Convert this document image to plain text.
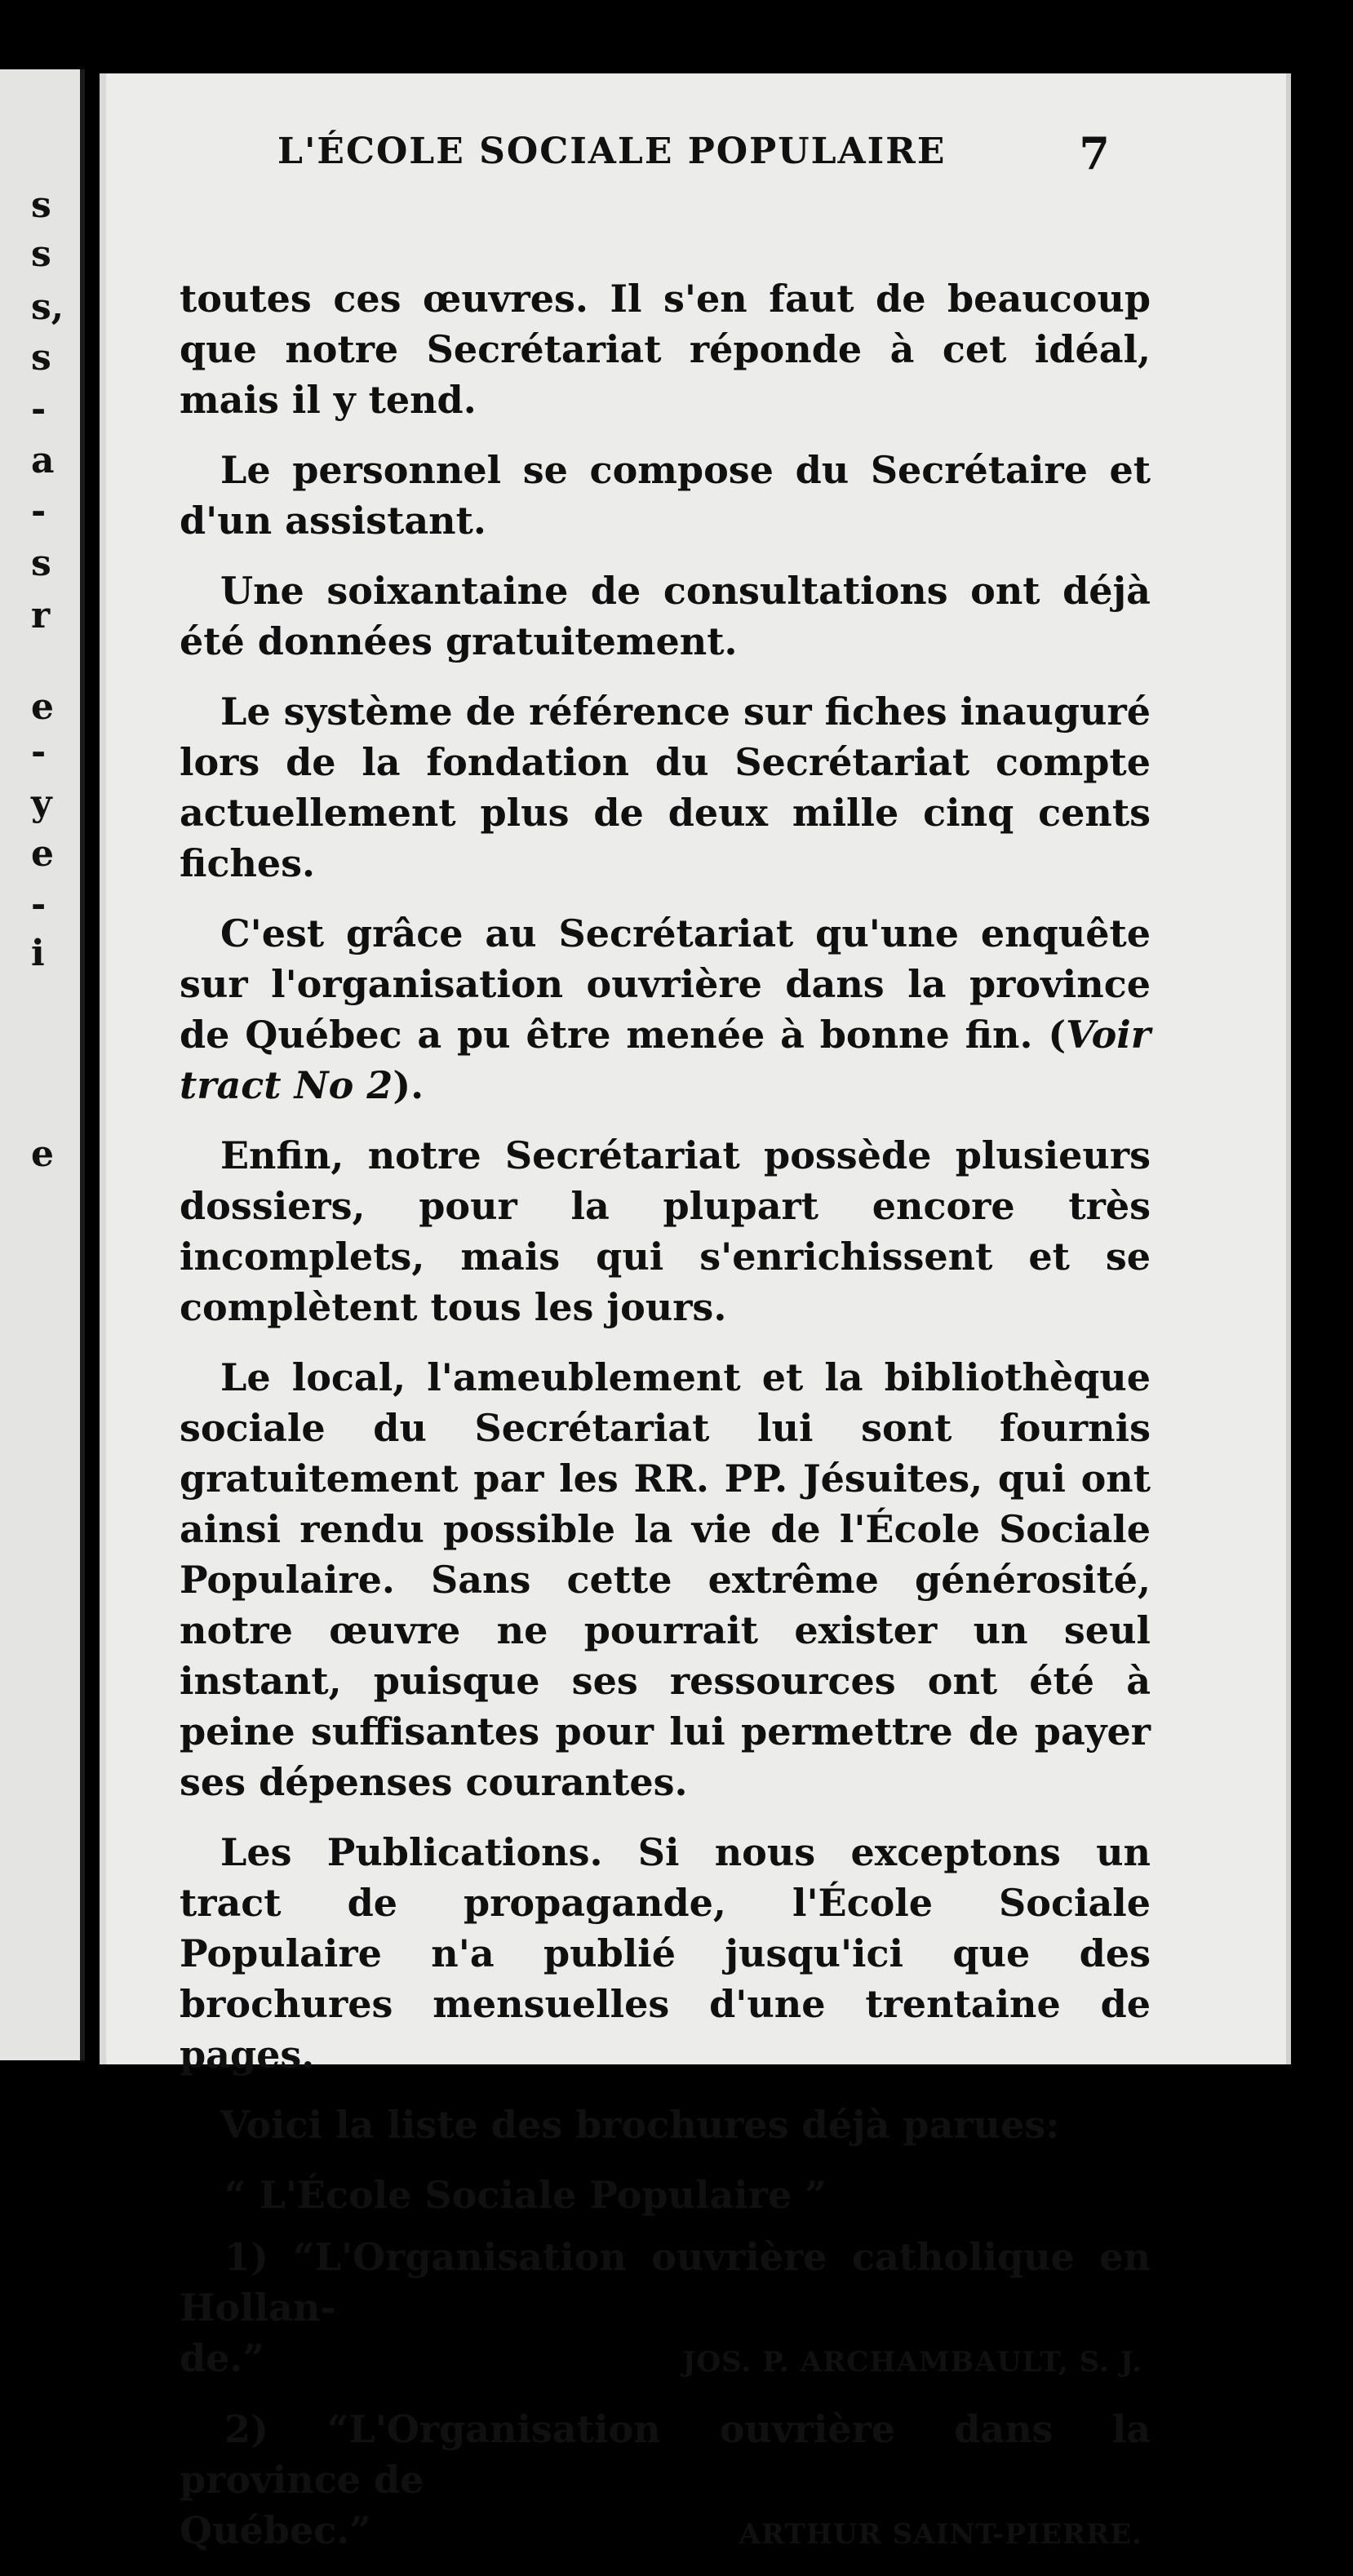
s
s
s,
s
-
a
-
s
r
e
-
y
e
-
i
e
L'ÉCOLE SOCIALE POPULAIRE	7

toutes ces œuvres. Il s'en faut de beaucoup que notre Secrétariat réponde à cet idéal, mais il y tend.

Le personnel se compose du Secrétaire et d'un assistant.

Une soixantaine de consultations ont déjà été données gratuitement.

Le système de référence sur fiches inauguré lors de la fondation du Secrétariat compte actuellement plus de deux mille cinq cents fiches.

C'est grâce au Secrétariat qu'une enquête sur l'organisation ouvrière dans la province de Québec a pu être menée à bonne fin. (Voir tract No 2).

Enfin, notre Secrétariat possède plusieurs dossiers, pour la plupart encore très incomplets, mais qui s'enrichissent et se complètent tous les jours.

Le local, l'ameublement et la bibliothèque sociale du Secrétariat lui sont fournis gratuitement par les RR. PP. Jésuites, qui ont ainsi rendu possible la vie de l'École Sociale Populaire. Sans cette extrême générosité, notre œuvre ne pourrait exister un seul instant, puisque ses ressources ont été à peine suffisantes pour lui permettre de payer ses dépenses courantes.

Les Publications. Si nous exceptons un tract de propagande, l'École Sociale Populaire n'a publié jusqu'ici que des brochures mensuelles d'une trentaine de pages.

Voici la liste des brochures déjà parues:

“ L'École Sociale Populaire ”
1) “L'Organisation ouvrière catholique en Hollan-
de.”	JOS. P. ARCHAMBAULT, S. J.
2) “L'Organisation ouvrière dans la province de
Québec.”	ARTHUR SAINT-PIERRE.
